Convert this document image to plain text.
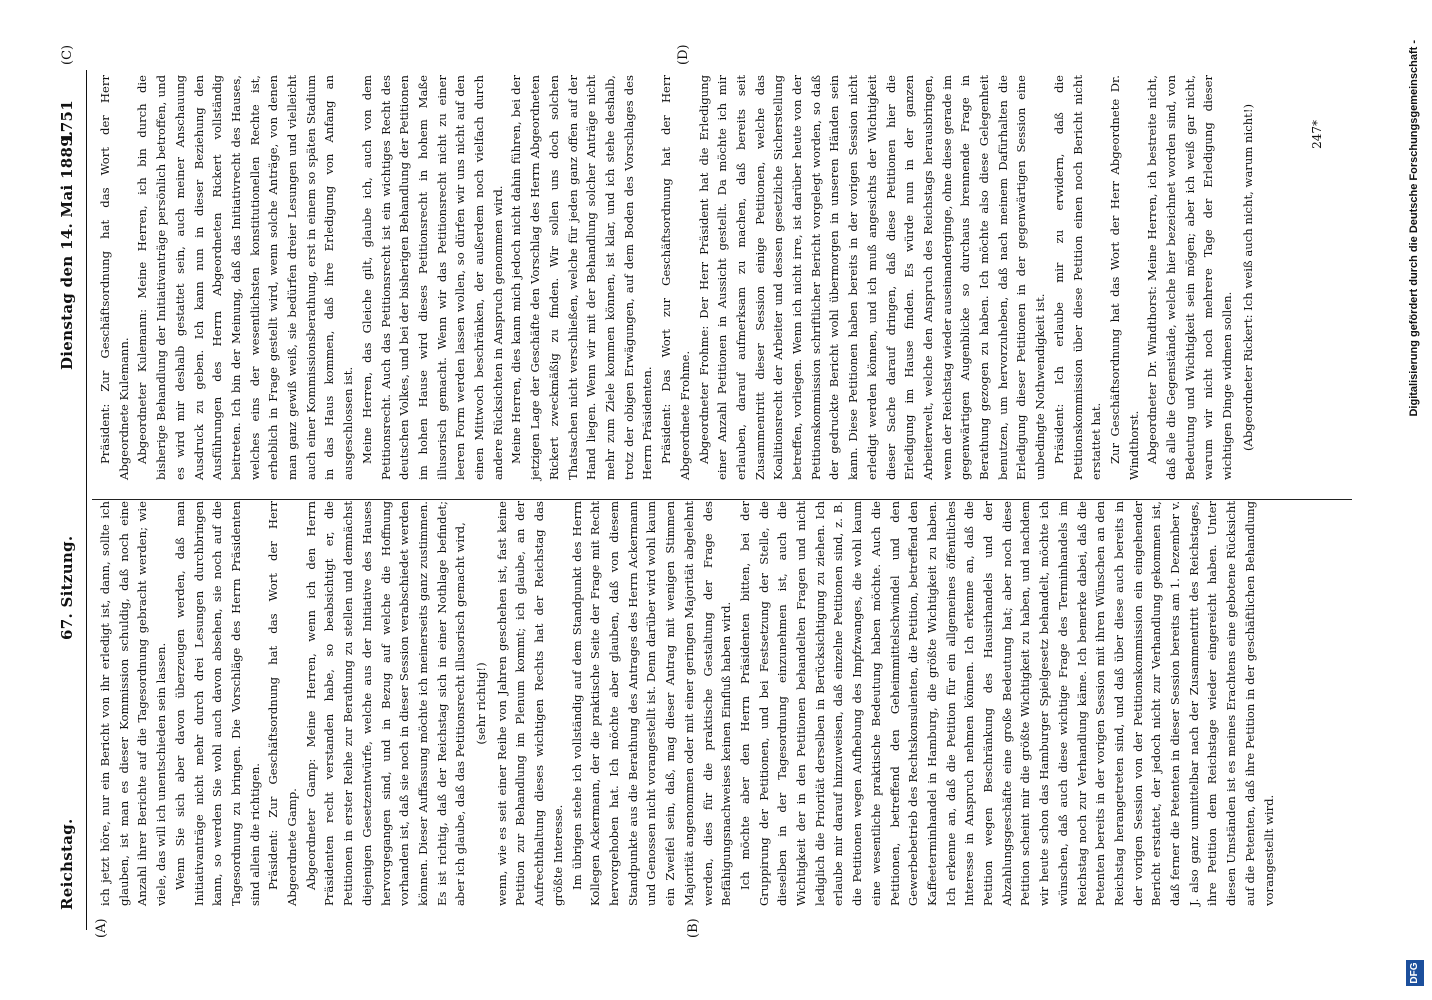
Reichstag.
67. Sitzung.
Dienstag den 14. Mai 1889.
1751
(A)	(B)
(C)	(D)

ich jetzt höre, nur ein Bericht von ihr erledigt ist, dann, sollte ich glauben, ist man es dieser Kommission schuldig, daß noch eine Anzahl ihrer Berichte auf die Tagesordnung gebracht werden; wie viele, das will ich unentschieden sein lassen. Wenn Sie sich aber davon überzeugen werden, daß man Initiativanträge nicht mehr durch drei Lesungen durchbringen kann, so werden Sie wohl auch davon absehen, sie noch auf die Tagesordnung zu bringen. Die Vorschläge des Herrn Präsidenten sind allein die richtigen. Präsident: Zur Geschäftsordnung hat das Wort der Herr Abgeordnete Gamp. Abgeordneter Gamp: Meine Herren, wenn ich den Herrn Präsidenten recht verstanden habe, so beabsichtigt er, die Petitionen in erster Reihe zur Berathung zu stellen und demnächst diejenigen Gesetzentwürfe, welche aus der Initiative des Hauses hervorgegangen sind, und in Bezug auf welche die Hoffnung vorhanden ist, daß sie noch in dieser Session verabschiedet werden können. Dieser Auffassung möchte ich meinerseits ganz zustimmen. Es ist richtig, daß der Reichstag sich in einer Nothlage befindet; aber ich glaube, daß das Petitionsrecht illusorisch gemacht wird, (sehr richtig!) wenn, wie es seit einer Reihe von Jahren geschehen ist, fast keine Petition zur Behandlung im Plenum kommt; ich glaube, an der Aufrechthaltung dieses wichtigen Rechts hat der Reichstag das größte Interesse. Im übrigen stehe ich vollständig auf dem Standpunkt des Herrn Kollegen Ackermann, der die praktische Seite der Frage mit Recht hervorgehoben hat. Ich möchte aber glauben, daß von diesem Standpunkte aus die Berathung des Antrages des Herrn Ackermann und Genossen nicht vorangestellt ist. Denn darüber wird wohl kaum ein Zweifel sein, daß, mag dieser Antrag mit wenigen Stimmen Majorität angenommen oder mit einer geringen Majorität abgelehnt werden, dies für die praktische Gestaltung der Frage des Befähigungsnachweises keinen Einfluß haben wird. Ich möchte aber den Herrn Präsidenten bitten, bei der Gruppirung der Petitionen, und bei Festsetzung der Stelle, die dieselben in der Tagesordnung einzunehmen ist, auch die Wichtigkeit der in den Petitionen behandelten Fragen und nicht lediglich die Priorität derselben in Berücksichtigung zu ziehen. Ich erlaube mir darauf hinzuweisen, daß einzelne Petitionen sind, z. B. die Petitionen wegen Aufhebung des Impfzwanges, die wohl kaum eine wesentliche praktische Bedeutung haben möchte. Auch die Petitionen, betreffend den Geheimmittelschwindel und den Gewerbebetrieb des Rechtskonsulenten, die Petition, betreffend den Kaffeeterminhandel in Hamburg, die größte Wichtigkeit zu haben. Ich erkenne an, daß die Petition für ein allgemeines öffentliches Interesse in Anspruch nehmen können. Ich erkenne an, daß die Petition wegen Beschränkung des Hausirhandels und der Abzahlungsgeschäfte eine große Bedeutung hat; aber noch diese Petition scheint mir die größte Wichtigkeit zu haben, und nachdem wir heute schon das Hamburger Spielgesetz behandelt, möchte ich wünschen, daß auch diese wichtige Frage des Terminhandels im Reichstag noch zur Verhandlung käme. Ich bemerke dabei, daß die Petenten bereits in der vorigen Session mit ihren Wünschen an den Reichstag herangetreten sind, und daß über diese auch bereits in der vorigen Session von der Petitionskommission ein eingehender Bericht erstattet, der jedoch nicht zur Verhandlung gekommen ist, daß ferner die Petenten in dieser Session bereits am 1. Dezember v. J. also ganz unmittelbar nach der Zusammentritt des Reichstages, ihre Petition dem Reichstage wieder eingereicht haben. Unter diesen Umständen ist es meines Erachtens eine gebotene Rücksicht auf die Petenten, daß ihre Petition in der geschäftlichen Behandlung vorangestellt wird.

Präsident: Zur Geschäftsordnung hat das Wort der Herr Abgeordnete Kulemann. Abgeordneter Kulemann: Meine Herren, ich bin durch die bisherige Behandlung der Initiativanträge persönlich betroffen, und es wird mir deshalb gestattet sein, auch meiner Anschauung Ausdruck zu geben. Ich kann nun in dieser Beziehung den Ausführungen des Herrn Abgeordneten Rickert vollständig beitreten. Ich bin der Meinung, daß das Initiativrecht des Hauses, welches eins der wesentlichsten konstitutionellen Rechte ist, erheblich in Frage gestellt wird, wenn solche Anträge, von denen man ganz gewiß weiß, sie bedürfen dreier Lesungen und vielleicht auch einer Kommissionsberathung, erst in einem so späten Stadium in das Haus kommen, daß ihre Erledigung von Anfang an ausgeschlossen ist. Meine Herren, das Gleiche gilt, glaube ich, auch von dem Petitionsrecht. Auch das Petitionsrecht ist ein wichtiges Recht des deutschen Volkes, und bei der bisherigen Behandlung der Petitionen im hohen Hause wird dieses Petitionsrecht in hohem Maße illusorisch gemacht. Wenn wir das Petitionsrecht nicht zu einer leeren Form werden lassen wollen, so dürfen wir uns nicht auf den einen Mittwoch beschränken, der außerdem noch vielfach durch andere Rücksichten in Anspruch genommen wird. Meine Herren, dies kann mich jedoch nicht dahin führen, bei der jetzigen Lage der Geschäfte den Vorschlag des Herrn Abgeordneten Rickert zweckmäßig zu finden. Wir sollen uns doch solchen Thatsachen nicht verschließen, welche für jeden ganz offen auf der Hand liegen. Wenn wir mit der Behandlung solcher Anträge nicht mehr zum Ziele kommen können, ist klar, und ich stehe deshalb, trotz der obigen Erwägungen, auf dem Boden des Vorschlages des Herrn Präsidenten. Präsident: Das Wort zur Geschäftsordnung hat der Herr Abgeordnete Frohme. Abgeordneter Frohme: Der Herr Präsident hat die Erledigung einer Anzahl Petitionen in Aussicht gestellt. Da möchte ich mir erlauben, darauf aufmerksam zu machen, daß bereits seit Zusammentritt dieser Session einige Petitionen, welche das Koalitionsrecht der Arbeiter und dessen gesetzliche Sicherstellung betreffen, vorliegen. Wenn ich nicht irre, ist darüber heute von der Petitionskommission schriftlicher Bericht vorgelegt worden, so daß der gedruckte Bericht wohl übermorgen in unseren Händen sein kann. Diese Petitionen haben bereits in der vorigen Session nicht erledigt werden können, und ich muß angesichts der Wichtigkeit dieser Sache darauf dringen, daß diese Petitionen hier die Erledigung im Hause finden. Es würde nun in der ganzen Arbeiterwelt, welche den Anspruch des Reichstags herausbringen, wenn der Reichstag wieder auseinanderginge, ohne diese gerade im gegenwärtigen Augenblicke so durchaus brennende Frage in Berathung gezogen zu haben. Ich möchte also diese Gelegenheit benutzen, um hervorzuheben, daß nach meinem Dafürhalten die Erledigung dieser Petitionen in der gegenwärtigen Session eine unbedingte Nothwendigkeit ist. Präsident: Ich erlaube mir zu erwidern, daß die Petitionskommission über diese Petition einen noch Bericht nicht erstattet hat. Zur Geschäftsordnung hat das Wort der Herr Abgeordnete Dr. Windthorst. Abgeordneter Dr. Windthorst: Meine Herren, ich bestreite nicht, daß alle die Gegenstände, welche hier bezeichnet worden sind, von Bedeutung und Wichtigkeit sein mögen; aber ich weiß gar nicht, warum wir nicht noch mehrere Tage der Erledigung dieser wichtigen Dinge widmen sollen. (Abgeordneter Rickert: Ich weiß auch nicht, warum nicht!)	247*
DFG
Digitalisierung gefördert durch die Deutsche Forschungsgemeinschaft -
